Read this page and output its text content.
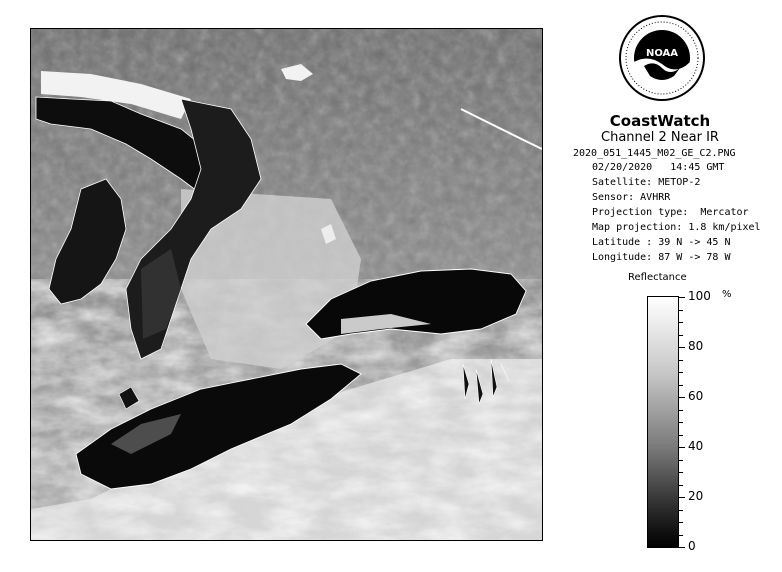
NOAA
CoastWatch
Channel 2 Near IR
2020_051_1445_M02_GE_C2.PNG
02/20/2020   14:45 GMT
Satellite: METOP-2
Sensor: AVHRR
Projection type:  Mercator
Map projection: 1.8 km/pixel
Latitude : 39 N -> 45 N
Longitude: 87 W -> 78 W
Reflectance
%
100
80
60
40
20
0
